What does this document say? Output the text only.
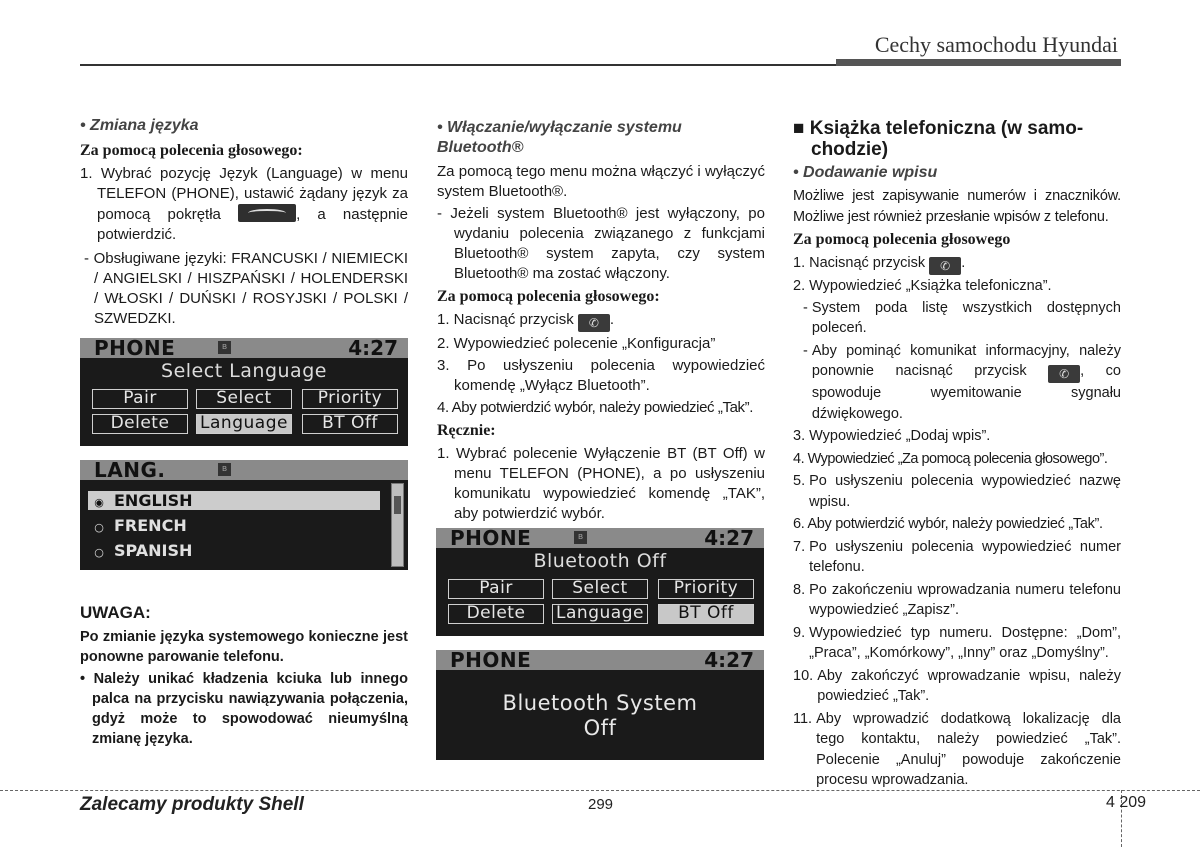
Cechy samochodu Hyundai

• Zmiana języka

Za pomocą polecenia głosowego:

1. Wybrać pozycję Język (Language) w menu TELEFON (PHONE), ustawić żądany język za pomocą pokrętła	, a następnie potwierdzić.

- Obsługiwane języki: FRANCUSKI / NIEMIECKI / ANGIELSKI / HISZPAŃSKI / HOLENDERSKI / WŁOSKI / DUŃSKI / ROSYJSKI / POLSKI / SZWEDZKI.

PHONE	ʙ	4:27
Select Language
Pair	Select	Priority
Delete	Language	BT Off
LANG.	ʙ
◉ ENGLISH
○ FRENCH
○ SPANISH

UWAGA:

Po zmianie języka systemowego konieczne jest ponowne parowanie telefonu.

• Należy unikać kładzenia kciuka lub innego palca na przycisku nawiązywania połączenia, gdyż może to spowodować nieumyślną zmianę języka.

• Włączanie/wyłączanie systemu Bluetooth®

Za pomocą tego menu można włączyć i wyłączyć system Bluetooth®.

- Jeżeli system Bluetooth® jest wyłączony, po wydaniu polecenia związanego z funkcjami Bluetooth® system zapyta, czy system Bluetooth® ma zostać włączony.

Za pomocą polecenia głosowego:

1. Nacisnąć przycisk ✆ .

2. Wypowiedzieć polecenie „Konfiguracja”

3. Po usłyszeniu polecenia wypowiedzieć komendę „Wyłącz Bluetooth”.

4. Aby potwierdzić wybór, należy powiedzieć „Tak”.

Ręcznie:

1. Wybrać polecenie Wyłączenie BT (BT Off) w menu TELEFON (PHONE), a po usłyszeniu komunikatu wypowiedzieć komendę „TAK”, aby potwierdzić wybór.

PHONE	ʙ	4:27
Bluetooth Off
Pair	Select	Priority
Delete	Language	BT Off
PHONE	4:27
Bluetooth System
Off

■ Książka telefoniczna (w samo-

chodzie)

• Dodawanie wpisu

Możliwe jest zapisywanie numerów i znaczników. Możliwe jest również przesłanie wpisów z telefonu.

Za pomocą polecenia głosowego

1. Nacisnąć przycisk ✆ .

2. Wypowiedzieć „Książka telefoniczna”.

- System poda listę wszystkich dostępnych poleceń.
- Aby pominąć komunikat informacyjny, należy ponownie nacisnąć przycisk ✆ , co spowoduje wyemitowanie sygnału dźwiękowego.

3. Wypowiedzieć „Dodaj wpis”.

4. Wypowiedzieć „Za pomocą polecenia głosowego”.

5. Po usłyszeniu polecenia wypowiedzieć nazwę wpisu.

6. Aby potwierdzić wybór, należy powiedzieć „Tak”.

7. Po usłyszeniu polecenia wypowiedzieć numer telefonu.
8. Po zakończeniu wprowadzania numeru telefonu wypowiedzieć „Zapisz”.
9. Wypowiedzieć typ numeru. Dostępne: „Dom”, „Praca”, „Komórkowy”, „Inny” oraz „Domyślny”.
10. Aby zakończyć wprowadzanie wpisu, należy powiedzieć „Tak”.
11. Aby wprowadzić dodatkową lokalizację dla tego kontaktu, należy powiedzieć „Tak”. Polecenie „Anuluj” powoduje zakończenie procesu wprowadzania.
Zalecamy produkty Shell	299	4 209
